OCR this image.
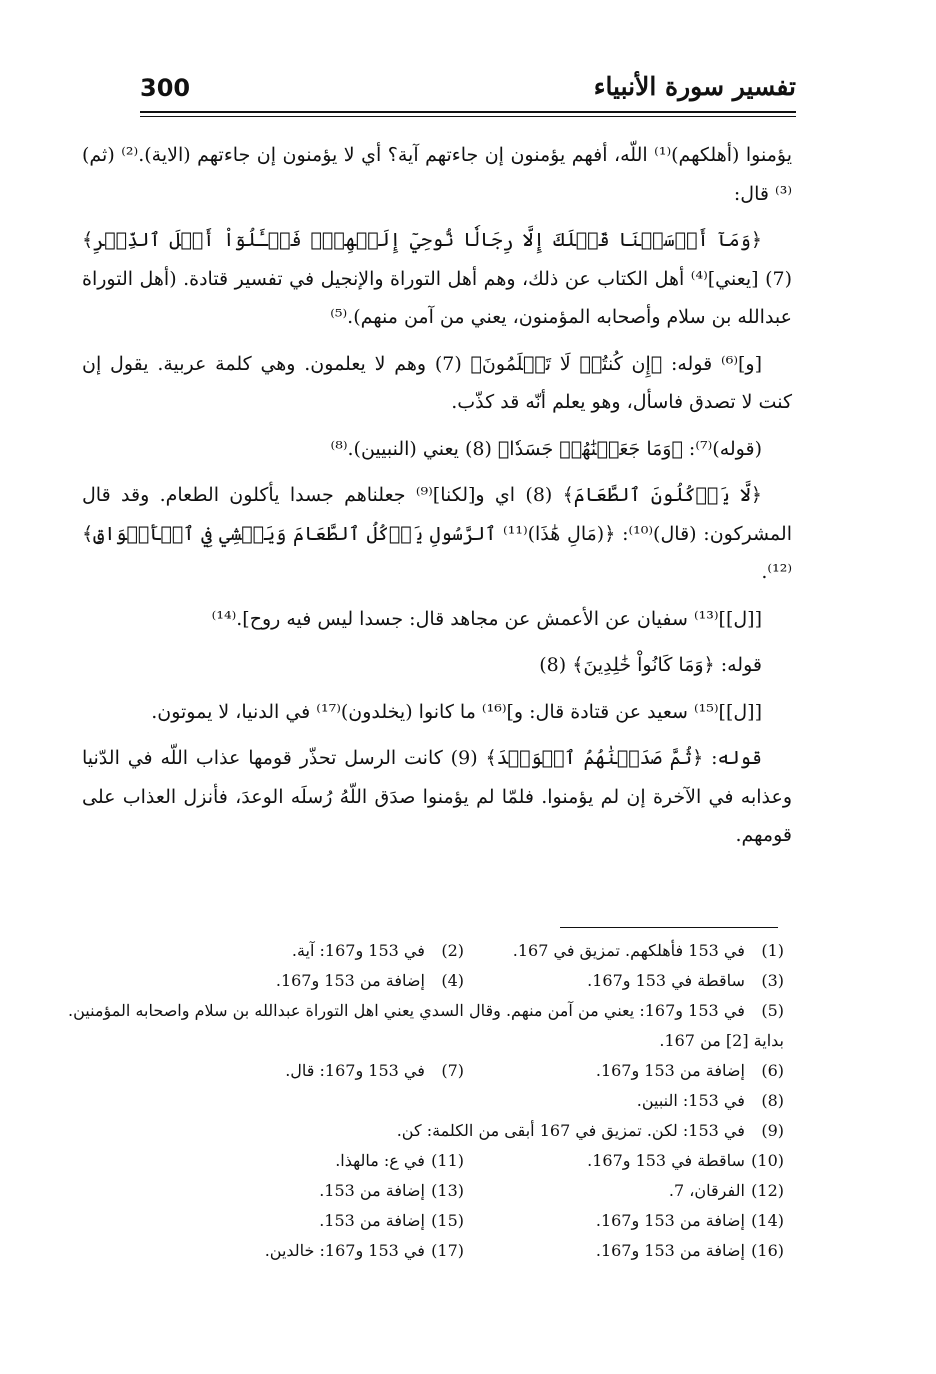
تفسير سورة الأنبياء
300

يؤمنوا (أهلكهم)⁽¹⁾ اللّه، أفهم يؤمنون إن جاءتهم آية؟ أي لا يؤمنون إن جاءتهم (الاية).⁽²⁾ (ثم)⁽³⁾ قال:

﴿وَمَآ أَرۡسَلۡنَا قَبۡلَكَ إِلَّا رِجَالٗا نُّوحِيٓ إِلَيۡهِمۡۖ فَسۡـَٔلُوٓاْ أَهۡلَ ٱلذِّكۡرِ﴾ (7) [يعني]⁽⁴⁾ أهل الكتاب عن ذلك، وهم أهل التوراة والإنجيل في تفسير قتادة. (أهل التوراة عبدالله بن سلام وأصحابه المؤمنون، يعني من آمن منهم).⁽⁵⁾

[و]⁽⁶⁾ قوله: ﴿إِن كُنتُمۡ لَا تَعۡلَمُونَ﴾ (7) وهم لا يعلمون. وهي كلمة عربية. يقول إن كنت لا تصدق فاسأل، وهو يعلم أنّه قد كذّب.

(قوله)⁽⁷⁾: ﴿وَمَا جَعَلۡنَٰهُمۡ جَسَدٗا﴾ (8) يعني (النبيين).⁽⁸⁾

﴿لَّا يَأۡكُلُونَ ٱلطَّعَامَ﴾ (8) اي و[لكنا]⁽⁹⁾ جعلناهم جسدا يأكلون الطعام. وقد قال المشركون: (قال)⁽¹⁰⁾: ﴿(مَالِ هَٰذَا)⁽¹¹⁾ ٱلرَّسُولِ يَأۡكُلُ ٱلطَّعَامَ وَيَمۡشِي فِي ٱلۡأَسۡوَاقِ﴾⁽¹²⁾.

[[ل]]⁽¹³⁾ سفيان عن الأعمش عن مجاهد قال: جسدا ليس فيه روح].⁽¹⁴⁾

قوله: ﴿وَمَا كَانُواْ خَٰلِدِينَ﴾ (8)

[[ل]]⁽¹⁵⁾ سعيد عن قتادة قال: و]⁽¹⁶⁾ ما كانوا (يخلدون)⁽¹⁷⁾ في الدنيا، لا يموتون.

قوله: ﴿ثُمَّ صَدَقۡنَٰهُمُ ٱلۡوَعۡدَ﴾ (9) كانت الرسل تحذّر قومها عذاب اللّه في الدّنيا وعذابه في الآخرة إن لم يؤمنوا. فلمّا لم يؤمنوا صدَق اللّهُ رُسلَه الوعدَ، فأنزل العذاب على قومهم.

(1) في 153 فأهلكهم. تمزيق في 167.
(2) في 153 و167: آية.
(3) ساقطة في 153 و167.
(4) إضافة من 153 و167.
(5) في 153 و167: يعني من آمن منهم. وقال السدي يعني اهل التوراة عبدالله بن سلام واصحابه المؤمنين. بداية [2] من 167.
(6) إضافة من 153 و167.
(7) في 153 و167: قال.
(8) في 153: النبين.
(9) في 153: لكن. تمزيق في 167 أبقى من الكلمة: كن.
(10) ساقطة في 153 و167.
(11) في ع: مالهذا.
(12) الفرقان، 7.
(13) إضافة من 153.
(14) إضافة من 153 و167.
(15) إضافة من 153.
(16) إضافة من 153 و167.
(17) في 153 و167: خالدين.
